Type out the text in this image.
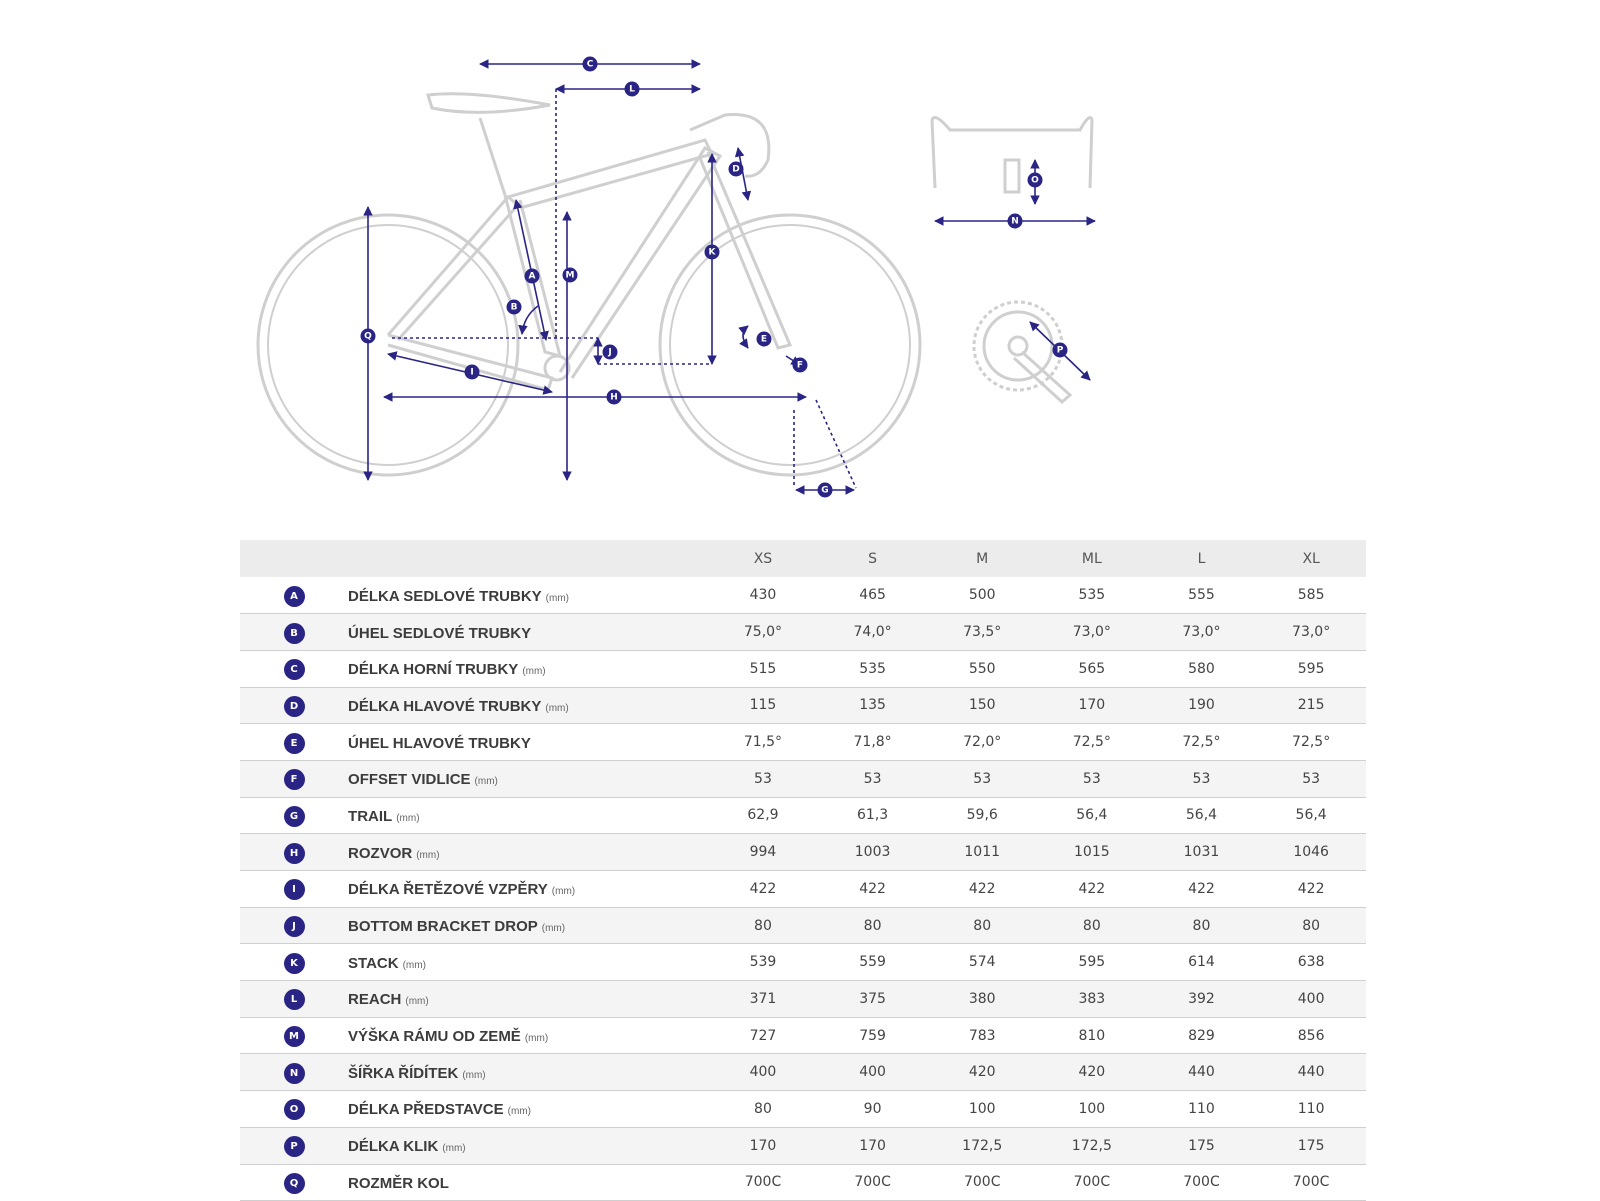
A
B
C
D
E
F
G
H
I
J
K
L
M
N
O
P
Q
		XS	S	M	ML	L	XL
A	DÉLKA SEDLOVÉ TRUBKY (mm)	430	465	500	535	555	585
B	ÚHEL SEDLOVÉ TRUBKY	75,0°	74,0°	73,5°	73,0°	73,0°	73,0°
C	DÉLKA HORNÍ TRUBKY (mm)	515	535	550	565	580	595
D	DÉLKA HLAVOVÉ TRUBKY (mm)	115	135	150	170	190	215
E	ÚHEL HLAVOVÉ TRUBKY	71,5°	71,8°	72,0°	72,5°	72,5°	72,5°
F	OFFSET VIDLICE (mm)	53	53	53	53	53	53
G	TRAIL (mm)	62,9	61,3	59,6	56,4	56,4	56,4
H	ROZVOR (mm)	994	1003	1011	1015	1031	1046
I	DÉLKA ŘETĚZOVÉ VZPĚRY (mm)	422	422	422	422	422	422
J	BOTTOM BRACKET DROP (mm)	80	80	80	80	80	80
K	STACK (mm)	539	559	574	595	614	638
L	REACH (mm)	371	375	380	383	392	400
M	VÝŠKA RÁMU OD ZEMĚ (mm)	727	759	783	810	829	856
N	ŠÍŘKA ŘÍDÍTEK (mm)	400	400	420	420	440	440
O	DÉLKA PŘEDSTAVCE (mm)	80	90	100	100	110	110
P	DÉLKA KLIK (mm)	170	170	172,5	172,5	175	175
Q	ROZMĚR KOL	700C	700C	700C	700C	700C	700C
